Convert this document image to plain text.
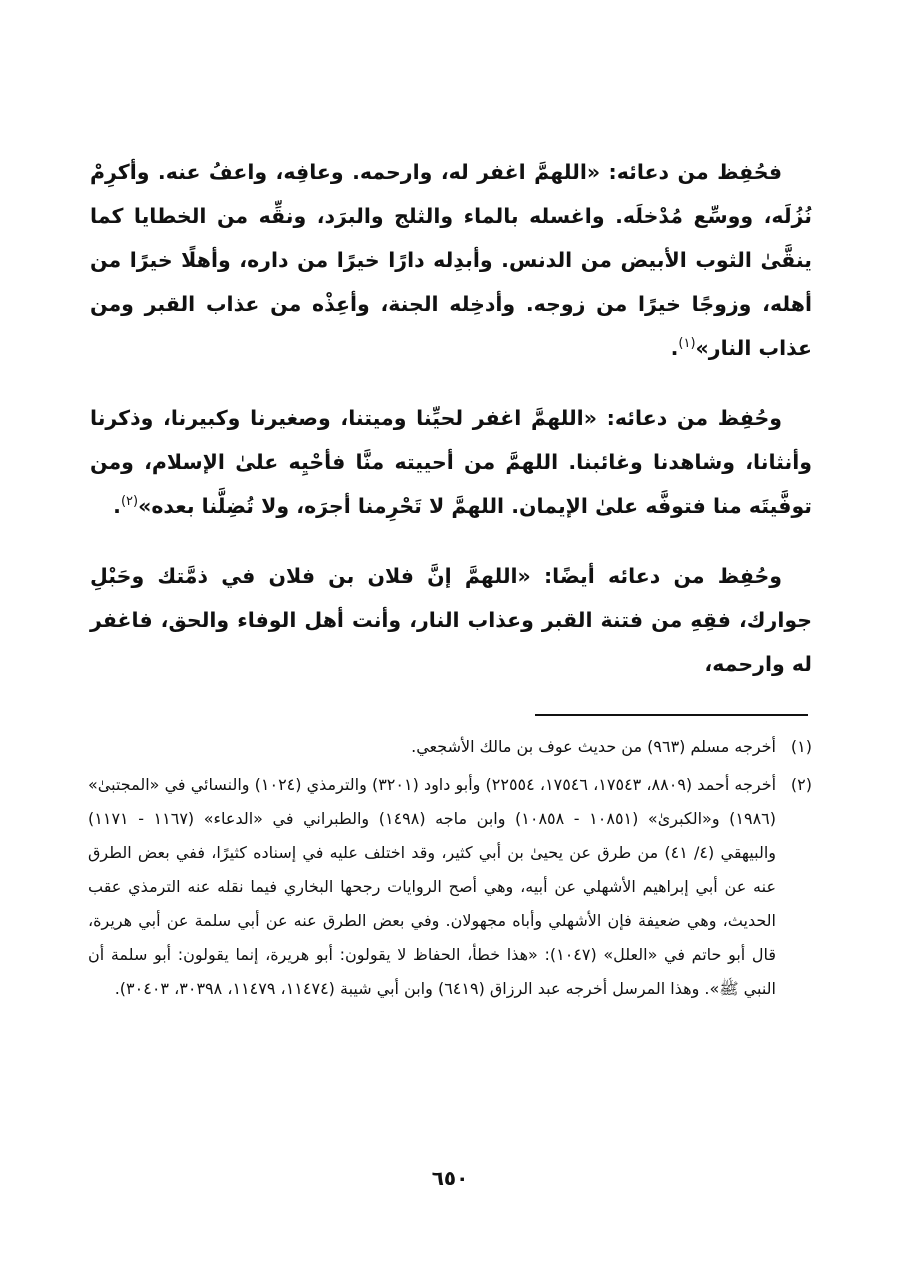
فحُفِظ من دعائه: «اللهمَّ اغفر له، وارحمه. وعافِه، واعفُ عنه. وأكرِمْ نُزُلَه، ووسِّع مُدْخلَه. واغسله بالماء والثلج والبرَد، ونقِّه من الخطايا كما ينقَّىٰ الثوب الأبيض من الدنس. وأبدِله دارًا خيرًا من داره، وأهلًا خيرًا من أهله، وزوجًا خيرًا من زوجه. وأدخِله الجنة، وأعِذْه من عذاب القبر ومن عذاب النار»$^{(١)}$.

وحُفِظ من دعائه: «اللهمَّ اغفر لحيِّنا وميتنا، وصغيرنا وكبيرنا، وذكرنا وأنثانا، وشاهدنا وغائبنا. اللهمَّ من أحييته منَّا فأحْيِه علىٰ الإسلام، ومن توفَّيتَه منا فتوفَّه علىٰ الإيمان. اللهمَّ لا تَحْرِمنا أجرَه، ولا تُضِلَّنا بعده»$^{(٢)}$.

وحُفِظ من دعائه أيضًا: «اللهمَّ إنَّ فلان بن فلان في ذمَّتك وحَبْلِ جوارك، فقِهِ من فتنة القبر وعذاب النار، وأنت أهل الوفاء والحق، فاغفر له وارحمه،

(١)
أخرجه مسلم (٩٦٣) من حديث عوف بن مالك الأشجعي.
(٢)
أخرجه أحمد (٨٨٠٩، ١٧٥٤٣، ١٧٥٤٦، ٢٢٥٥٤) وأبو داود (٣٢٠١) والترمذي (١٠٢٤) والنسائي في «المجتبىٰ» (١٩٨٦) و«الكبرىٰ» (١٠٨٥١ - ١٠٨٥٨) وابن ماجه (١٤٩٨) والطبراني في «الدعاء» (١١٦٧ - ١١٧١) والبيهقي (٤/ ٤١) من طرق عن يحيىٰ بن أبي كثير، وقد اختلف عليه في إسناده كثيرًا، ففي بعض الطرق عنه عن أبي إبراهيم الأشهلي عن أبيه، وهي أصح الروايات رجحها البخاري فيما نقله عنه الترمذي عقب الحديث، وهي ضعيفة فإن الأشهلي وأباه مجهولان. وفي بعض الطرق عنه عن أبي سلمة عن أبي هريرة، قال أبو حاتم في «العلل» (١٠٤٧): «هذا خطأ، الحفاظ لا يقولون: أبو هريرة، إنما يقولون: أبو سلمة أن النبي ﷺ». وهذا المرسل أخرجه عبد الرزاق (٦٤١٩) وابن أبي شيبة (١١٤٧٤، ١١٤٧٩، ٣٠٣٩٨، ٣٠٤٠٣).
٦٥٠
